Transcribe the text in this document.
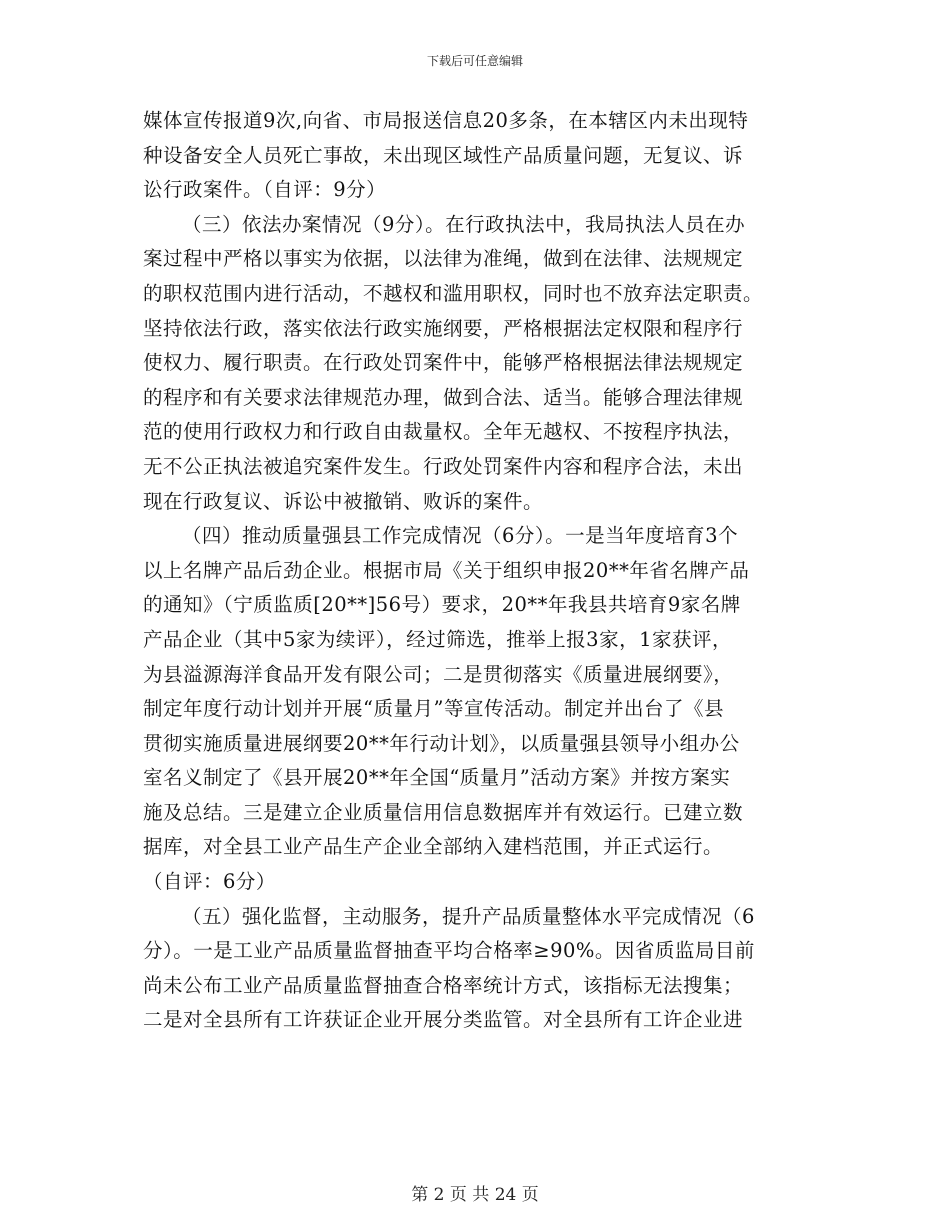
下载后可任意编辑
媒体宣传报道9次,向省、市局报送信息20多条，在本辖区内未出现特
种设备安全人员死亡事故，未出现区域性产品质量问题，无复议、诉
讼行政案件。（自评：9分）
（三）依法办案情况（9分）。在行政执法中，我局执法人员在办
案过程中严格以事实为依据，以法律为准绳，做到在法律、法规规定
的职权范围内进行活动，不越权和滥用职权，同时也不放弃法定职责。
坚持依法行政，落实依法行政实施纲要，严格根据法定权限和程序行
使权力、履行职责。在行政处罚案件中，能够严格根据法律法规规定
的程序和有关要求法律规范办理，做到合法、适当。能够合理法律规
范的使用行政权力和行政自由裁量权。全年无越权、不按程序执法，
无不公正执法被追究案件发生。行政处罚案件内容和程序合法，未出
现在行政复议、诉讼中被撤销、败诉的案件。
（四）推动质量强县工作完成情况（6分）。一是当年度培育3个
以上名牌产品后劲企业。根据市局《关于组织申报20**年省名牌产品
的通知》（宁质监质[20**]56号）要求，20**年我县共培育9家名牌
产品企业（其中5家为续评），经过筛选，推举上报3家，1家获评，
为县溢源海洋食品开发有限公司；二是贯彻落实《质量进展纲要》，
制定年度行动计划并开展“质量月”等宣传活动。制定并出台了《县
贯彻实施质量进展纲要20**年行动计划》，以质量强县领导小组办公
室名义制定了《县开展20**年全国“质量月”活动方案》并按方案实
施及总结。三是建立企业质量信用信息数据库并有效运行。已建立数
据库，对全县工业产品生产企业全部纳入建档范围，并正式运行。
（自评：6分）
（五）强化监督，主动服务，提升产品质量整体水平完成情况（6
分）。一是工业产品质量监督抽查平均合格率≥90%。因省质监局目前
尚未公布工业产品质量监督抽查合格率统计方式，该指标无法搜集；
二是对全县所有工许获证企业开展分类监管。对全县所有工许企业进
第 2 页 共 24 页
